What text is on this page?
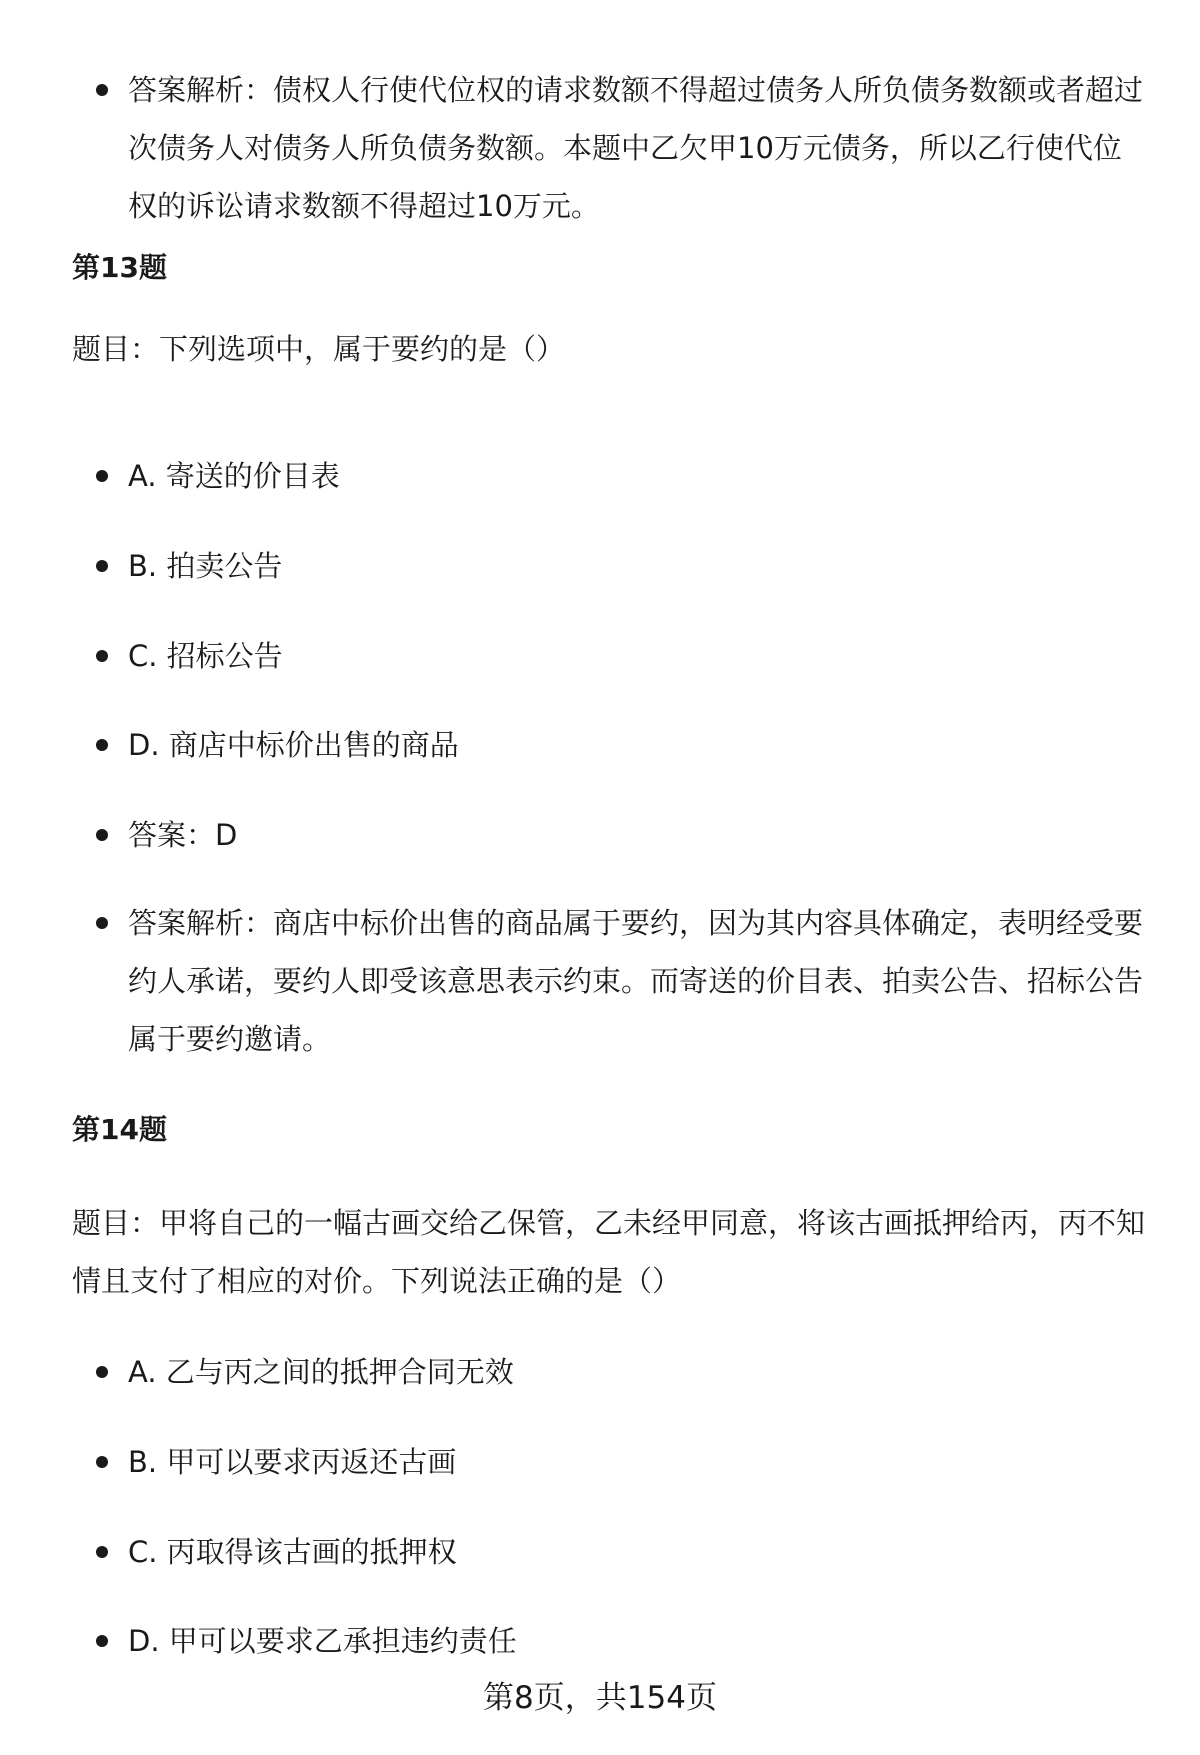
答案解析：债权人行使代位权的请求数额不得超过债务人所负债务数额或者超过次债务人对债务人所负债务数额。本题中乙欠甲10万元债务，所以乙行使代位权的诉讼请求数额不得超过10万元。
第13题
题目：下列选项中，属于要约的是（）
A. 寄送的价目表
B. 拍卖公告
C. 招标公告
D. 商店中标价出售的商品
答案：D
答案解析：商店中标价出售的商品属于要约，因为其内容具体确定，表明经受要约人承诺，要约人即受该意思表示约束。而寄送的价目表、拍卖公告、招标公告属于要约邀请。
第14题
题目：甲将自己的一幅古画交给乙保管，乙未经甲同意，将该古画抵押给丙，丙不知情且支付了相应的对价。下列说法正确的是（）
A. 乙与丙之间的抵押合同无效
B. 甲可以要求丙返还古画
C. 丙取得该古画的抵押权
D. 甲可以要求乙承担违约责任
第8页，共154页
